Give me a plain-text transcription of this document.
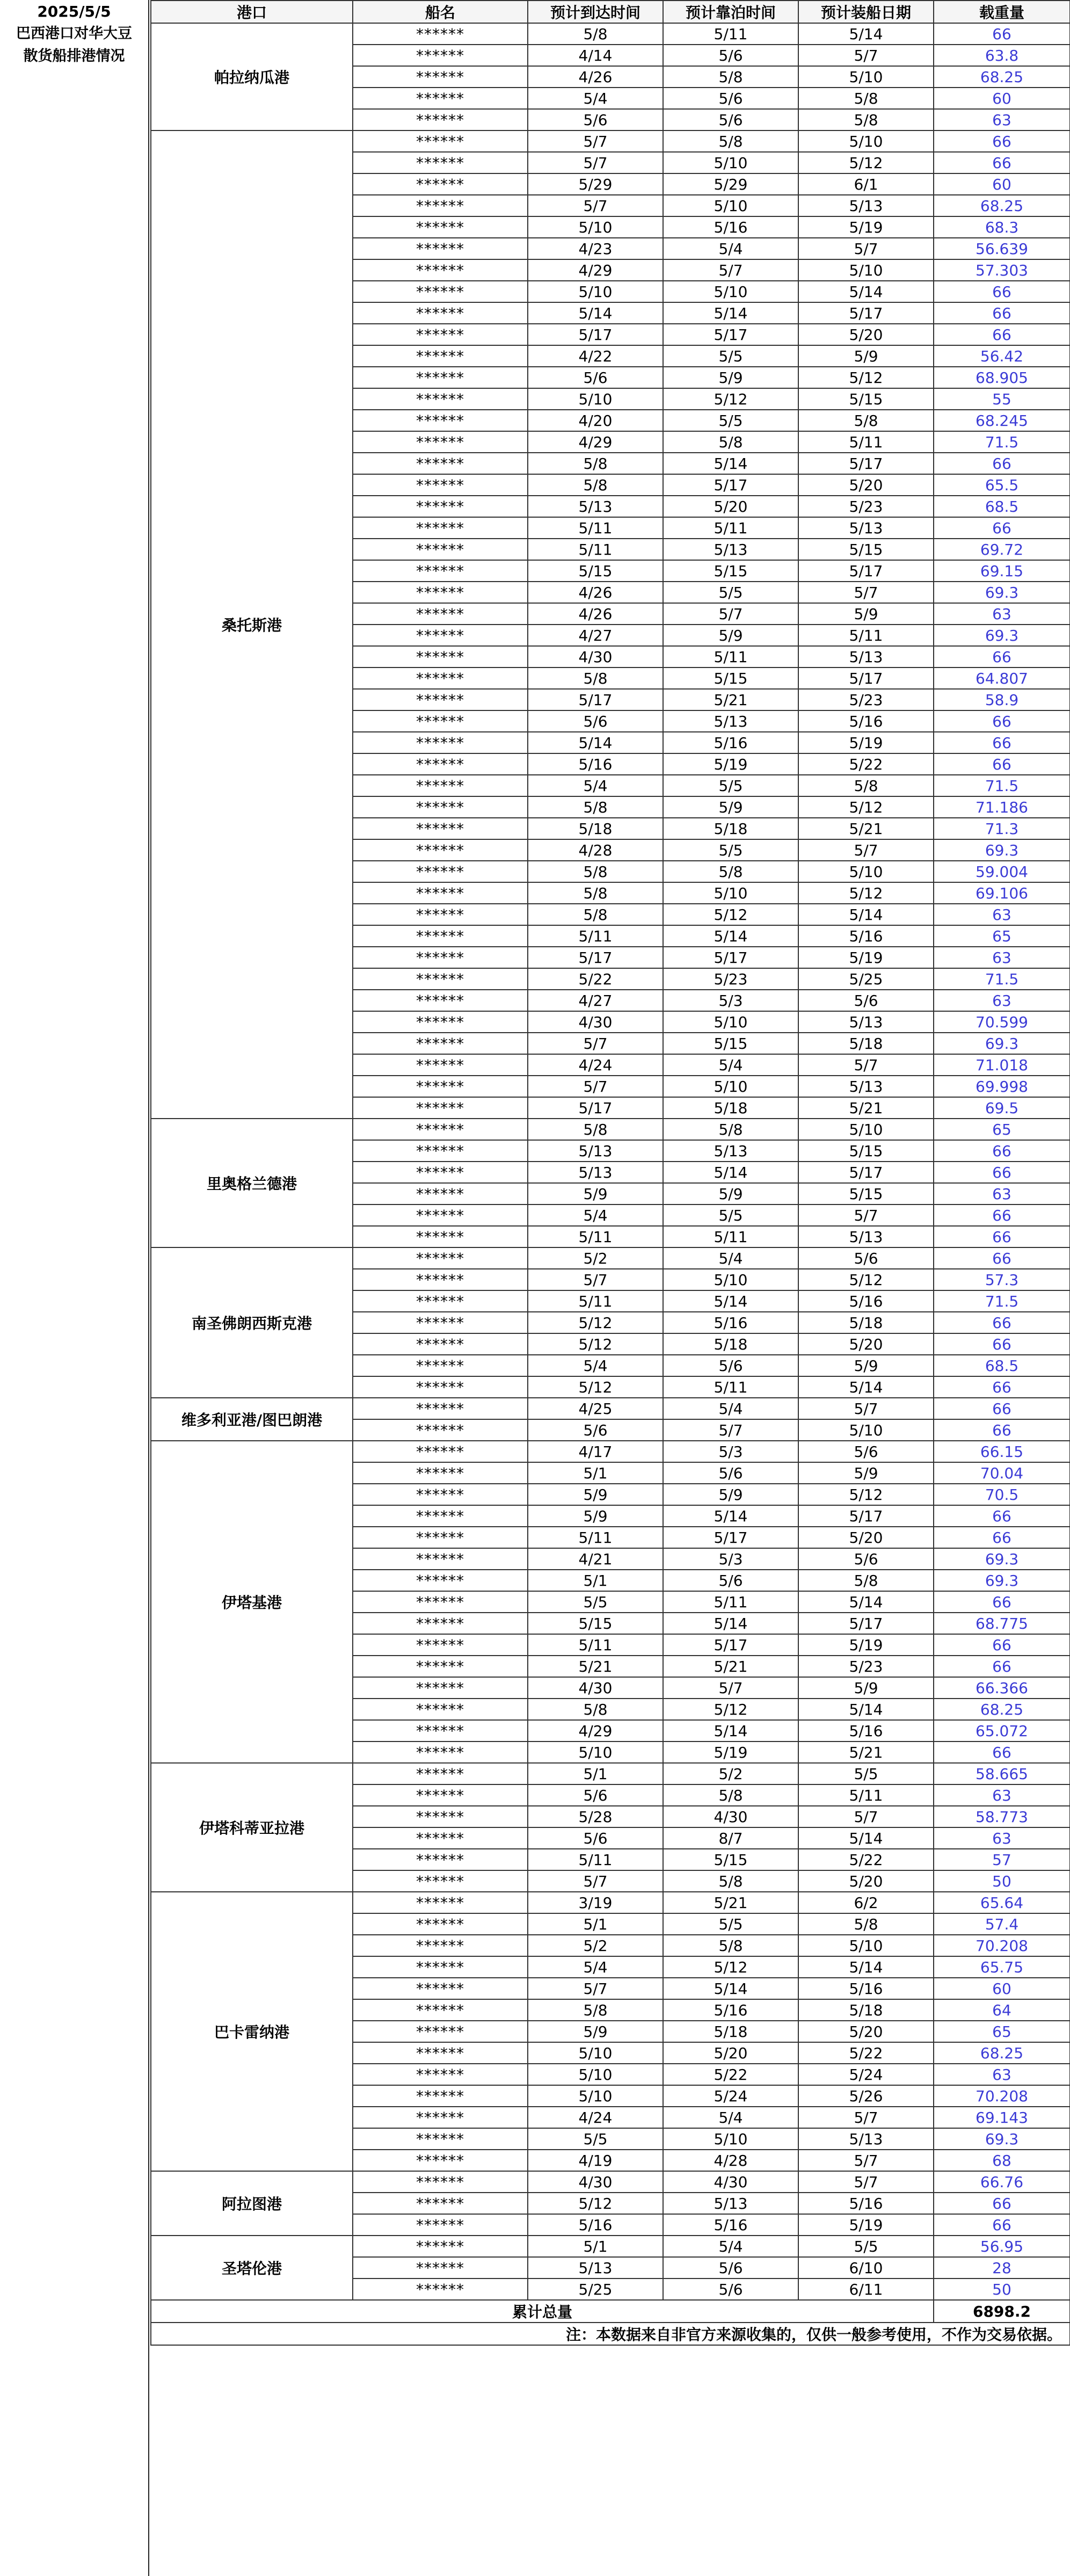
2025/5/5
巴西港口对华大豆
散货船排港情况
港口	船名	预计到达时间	预计靠泊时间	预计装船日期	载重量
帕拉纳瓜港	******	5/8	5/11	5/14	66
	******	4/14	5/6	5/7	63.8
	******	4/26	5/8	5/10	68.25
	******	5/4	5/6	5/8	60
	******	5/6	5/6	5/8	63
桑托斯港	******	5/7	5/8	5/10	66
	******	5/7	5/10	5/12	66
	******	5/29	5/29	6/1	60
	******	5/7	5/10	5/13	68.25
	******	5/10	5/16	5/19	68.3
	******	4/23	5/4	5/7	56.639
	******	4/29	5/7	5/10	57.303
	******	5/10	5/10	5/14	66
	******	5/14	5/14	5/17	66
	******	5/17	5/17	5/20	66
	******	4/22	5/5	5/9	56.42
	******	5/6	5/9	5/12	68.905
	******	5/10	5/12	5/15	55
	******	4/20	5/5	5/8	68.245
	******	4/29	5/8	5/11	71.5
	******	5/8	5/14	5/17	66
	******	5/8	5/17	5/20	65.5
	******	5/13	5/20	5/23	68.5
	******	5/11	5/11	5/13	66
	******	5/11	5/13	5/15	69.72
	******	5/15	5/15	5/17	69.15
	******	4/26	5/5	5/7	69.3
	******	4/26	5/7	5/9	63
	******	4/27	5/9	5/11	69.3
	******	4/30	5/11	5/13	66
	******	5/8	5/15	5/17	64.807
	******	5/17	5/21	5/23	58.9
	******	5/6	5/13	5/16	66
	******	5/14	5/16	5/19	66
	******	5/16	5/19	5/22	66
	******	5/4	5/5	5/8	71.5
	******	5/8	5/9	5/12	71.186
	******	5/18	5/18	5/21	71.3
	******	4/28	5/5	5/7	69.3
	******	5/8	5/8	5/10	59.004
	******	5/8	5/10	5/12	69.106
	******	5/8	5/12	5/14	63
	******	5/11	5/14	5/16	65
	******	5/17	5/17	5/19	63
	******	5/22	5/23	5/25	71.5
	******	4/27	5/3	5/6	63
	******	4/30	5/10	5/13	70.599
	******	5/7	5/15	5/18	69.3
	******	4/24	5/4	5/7	71.018
	******	5/7	5/10	5/13	69.998
	******	5/17	5/18	5/21	69.5
里奥格兰德港	******	5/8	5/8	5/10	65
	******	5/13	5/13	5/15	66
	******	5/13	5/14	5/17	66
	******	5/9	5/9	5/15	63
	******	5/4	5/5	5/7	66
	******	5/11	5/11	5/13	66
南圣佛朗西斯克港	******	5/2	5/4	5/6	66
	******	5/7	5/10	5/12	57.3
	******	5/11	5/14	5/16	71.5
	******	5/12	5/16	5/18	66
	******	5/12	5/18	5/20	66
	******	5/4	5/6	5/9	68.5
	******	5/12	5/11	5/14	66
维多利亚港/图巴朗港	******	4/25	5/4	5/7	66
	******	5/6	5/7	5/10	66
伊塔基港	******	4/17	5/3	5/6	66.15
	******	5/1	5/6	5/9	70.04
	******	5/9	5/9	5/12	70.5
	******	5/9	5/14	5/17	66
	******	5/11	5/17	5/20	66
	******	4/21	5/3	5/6	69.3
	******	5/1	5/6	5/8	69.3
	******	5/5	5/11	5/14	66
	******	5/15	5/14	5/17	68.775
	******	5/11	5/17	5/19	66
	******	5/21	5/21	5/23	66
	******	4/30	5/7	5/9	66.366
	******	5/8	5/12	5/14	68.25
	******	4/29	5/14	5/16	65.072
	******	5/10	5/19	5/21	66
伊塔科蒂亚拉港	******	5/1	5/2	5/5	58.665
	******	5/6	5/8	5/11	63
	******	5/28	4/30	5/7	58.773
	******	5/6	8/7	5/14	63
	******	5/11	5/15	5/22	57
	******	5/7	5/8	5/20	50
巴卡雷纳港	******	3/19	5/21	6/2	65.64
	******	5/1	5/5	5/8	57.4
	******	5/2	5/8	5/10	70.208
	******	5/4	5/12	5/14	65.75
	******	5/7	5/14	5/16	60
	******	5/8	5/16	5/18	64
	******	5/9	5/18	5/20	65
	******	5/10	5/20	5/22	68.25
	******	5/10	5/22	5/24	63
	******	5/10	5/24	5/26	70.208
	******	4/24	5/4	5/7	69.143
	******	5/5	5/10	5/13	69.3
	******	4/19	4/28	5/7	68
阿拉图港	******	4/30	4/30	5/7	66.76
	******	5/12	5/13	5/16	66
	******	5/16	5/16	5/19	66
圣塔伦港	******	5/1	5/4	5/5	56.95
	******	5/13	5/6	6/10	28
	******	5/25	5/6	6/11	50
累计总量					6898.2
注：本数据来自非官方来源收集的，仅供一般参考使用，不作为交易依据。					
